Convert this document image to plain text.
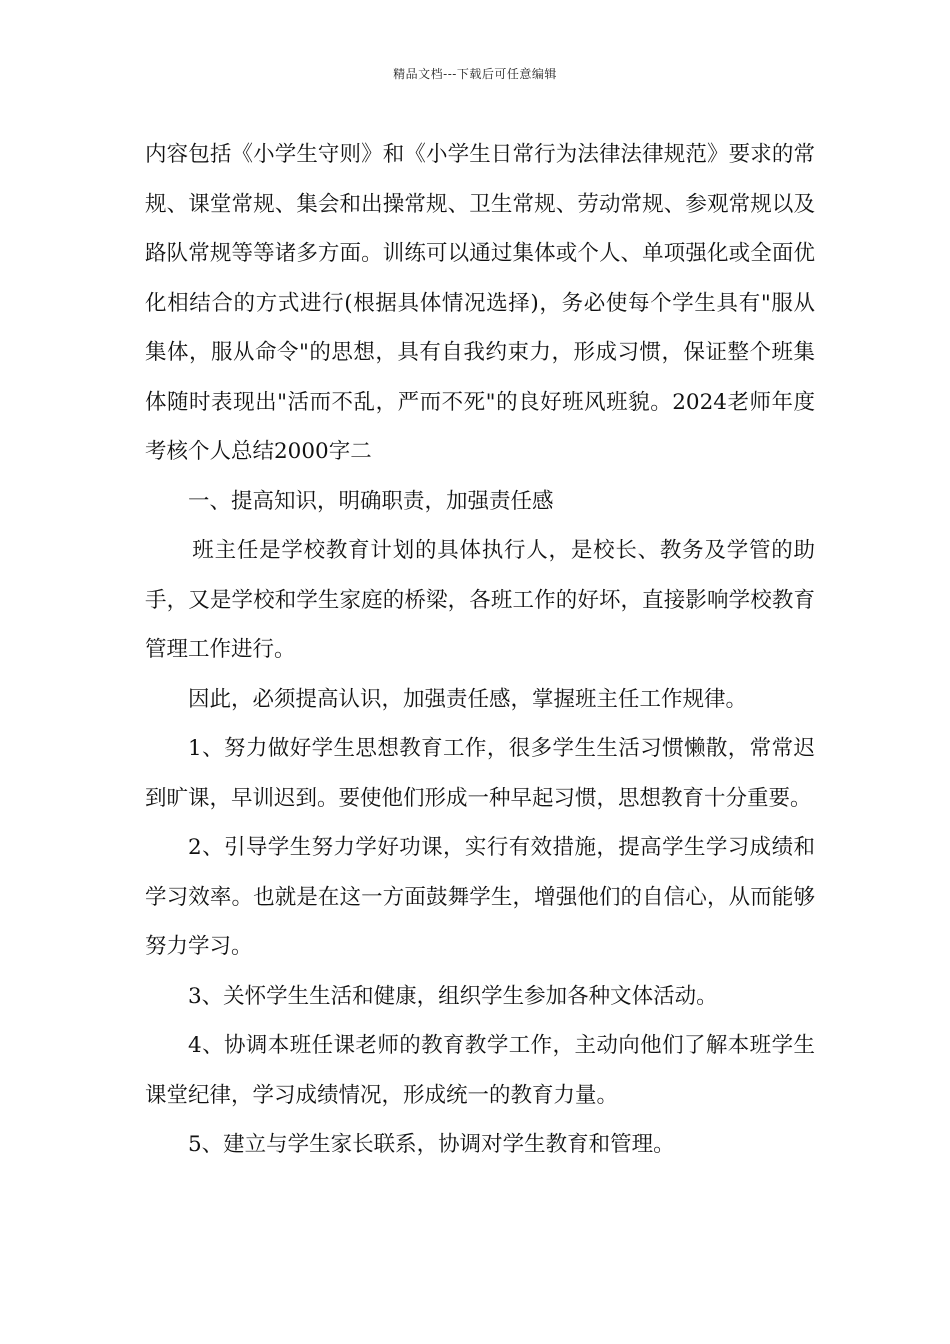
精品文档---下载后可任意编辑

内容包括《小学生守则》和《小学生日常行为法律法律规范》要求的常规、课堂常规、集会和出操常规、卫生常规、劳动常规、参观常规以及路队常规等等诸多方面。训练可以通过集体或个人、单项强化或全面优化相结合的方式进行(根据具体情况选择)，务必使每个学生具有"服从集体，服从命令"的思想，具有自我约束力，形成习惯，保证整个班集体随时表现出"活而不乱，严而不死"的良好班风班貌。2024老师年度考核个人总结2000字二

一、提高知识，明确职责，加强责任感

班主任是学校教育计划的具体执行人，是校长、教务及学管的助手，又是学校和学生家庭的桥梁，各班工作的好坏，直接影响学校教育管理工作进行。

因此，必须提高认识，加强责任感，掌握班主任工作规律。

1、努力做好学生思想教育工作，很多学生生活习惯懒散，常常迟到旷课，早训迟到。要使他们形成一种早起习惯，思想教育十分重要。

2、引导学生努力学好功课，实行有效措施，提高学生学习成绩和学习效率。也就是在这一方面鼓舞学生，增强他们的自信心，从而能够努力学习。

3、关怀学生生活和健康，组织学生参加各种文体活动。

4、协调本班任课老师的教育教学工作，主动向他们了解本班学生课堂纪律，学习成绩情况，形成统一的教育力量。

5、建立与学生家长联系，协调对学生教育和管理。
